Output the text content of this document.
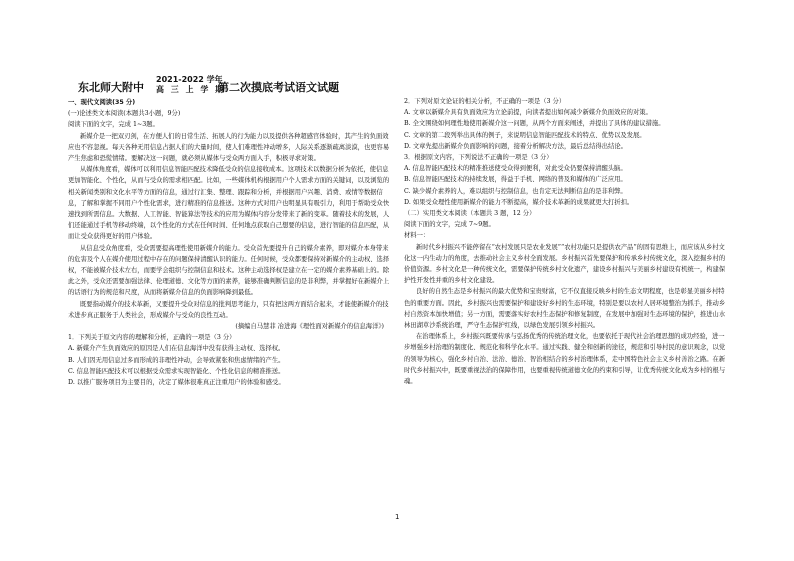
东北师大附中
2021-2022 学年
高 三 上 学 期
第二次摸底考试语文试题

一、现代文阅读(35 分)

(一)论述类文本阅读(本题共3小题，9分)

阅读下面的文字，完成 1~3题。

新媒介是一把双刃剑，在方便人们的日常生活、拓展人的行为能力以及提供各种超感官体验时，其产生的负面效应也不容忽视。每天各种无用信息占据人们的大量时间，使人们难理性冲动增多，人际关系逐渐疏离淡漠，也更容易产生焦虑和恐慌情绪。要解决这一问题，就必须从媒体与受众两方面入手，积极寻求对策。

从媒体角度看，媒体可以利用信息智能匹配技术降低受众的信息接收成本。这项技术以数据分析为依托，使信息更加智能化、个性化，从而与受众的需求相匹配。比如，一些媒体机构根据用户个人需求方面的关键词，以及浏览的相关新闻类别和文化水平等方面的信息，通过行汇集、整理、跟踪和分析，并根据用户兴趣、消费、或情等数据信息，了解和掌握不同用户个性化需求，进行精准的信息推送。这种方式对用户也明显具有吸引力，利用于帮助受众快速找到所需信息。大数据、人工智能、智能算法等技术的应用为媒体内容分发带来了新的变革。随着技术的发展，人们还能通过手机等移动终端，以个性化的方式在任何时间、任何地点获取自己想要的信息，进行智能的信息匹配，从而让受众获得更好的用户体验。

从信息受众角度看，受众需要提高理性使用新媒介的能力。受众首先要提升自己的媒介素养，即对媒介本身带来的危害及个人在媒介使用过程中存在的问题保持清醒认识的能力。任何时候，受众都要保持对新媒介的主动权、选择权，不能被媒介技术左右，而要学会组织与控制信息和技术。这种主动选择权是建立在一定的媒介素养基础上的。除此之外，受众还需要加强法律、伦理道德、文化等方面的素养，能够准确判断信息的是非利弊，并掌握好在新媒介上的话语行为的规范和尺度，从而将新媒介信息的负面影响降到最低。

既要指动媒介的技术革新，又要提升受众对信息的批判思考能力，只有把这两方面结合起来，才能使新媒介的技术进步真正服务于人类社会，形成媒介与受众的良性互动。

(摘编自马慧菲 冶进海《理性面对新媒介的信息海洋》)

1．下列关于原文内容的理解和分析，正确的一项是（3 分）

A. 新媒介产生负面效应的原因是人们在信息海洋中没有获得主动权、选择权。

B. 人们因无用信息过多而形成的非理性冲动，会导致紧张和焦虑情绪的产生。

C. 信息智能匹配技术可以根据受众需求实现智能化、个性化信息的精准推送。

D. 以推广服务项目为主要目的，决定了媒体很难真正注重用户的体验和感受。

2．下列对原文论证的相关分析，不正确的一项是（3 分）

A. 文章以新媒介具有负面效应为立论前提，向读者提出如何减少新媒介负面效应的对策。

B. 全文围绕如何理性地使用新媒介这一问题，从两个方面来阐述，并提出了具体的建议措施。

C. 文章的第二段列举出具体的例子，来说明信息智能匹配技术的特点、优势以及发展。

D. 文章先提出新媒介负面影响的问题，接着分析解决方法，最后总结得出结论。

3．根据原文内容，下列说法不正确的一项是（3 分）

A. 信息智能匹配技术的精准推送使受众得到便利，对此受众仍要保持清醒头脑。

B. 信息智能匹配技术的持续发展，得益于手机、网络的普及和媒体的广泛应用。

C. 缺少媒介素养的人，难以组织与控制信息，也肯定无法判断信息的是非利弊。

D. 如果受众理性使用新媒介的能力不断提高，媒介技术革新的成果就更大打折扣。

（二）实用类文本阅读（本题共 3 题，12 分）

阅读下面的文字，完成 7~9题。

材料一：

新时代乡村振兴不能停留在“农村发展只是农业发展”“农村功能只是提供农产品”的固有思维上，而应该从乡村文化这一内生动力的角度，去推动社会主义乡村全面发展。乡村振兴首先要保护和传承乡村传统文化，深入挖掘乡村的价值资源。乡村文化是一种传统文化，需要保护传统乡村文化遗产，建设乡村振兴与美丽乡村建设有机统一，构建保护性开发性并重的乡村文化建设。

良好的自然生态是乡村振兴的最大优势和宝贵财富，它不仅直接反映乡村的生态文明程度，也是彰显美丽乡村特色的重要方面。因此，乡村振兴也需要保护和建设好乡村的生态环境，特别是要以农村人居环境整治为抓手，推动乡村自然资本加快增值；另一方面，需要落实好农村生态保护和修复制度，在发展中加强对生态环境的保护，推进山水林田湖草沙系统治理，严守生态保护红线，以绿色发展引领乡村振兴。

在治理体系上，乡村振兴既要传承与弘扬优秀的传统治理文化，也要依托于现代社会治理思想的成功经验，进一步增强乡村治理的制度化、规范化和科学化水平。通过实践、健全和创新的途径，规范和引导村民的意识观念，以党的领导为核心，强化乡村自治、法治、德治、智治相结合的乡村治理体系，走中国特色社会主义乡村善治之路。在新时代乡村振兴中，既要重视法治的保障作用，也要重视传统道德文化的约束和引导，让优秀传统文化成为乡村的根与魂。

1
